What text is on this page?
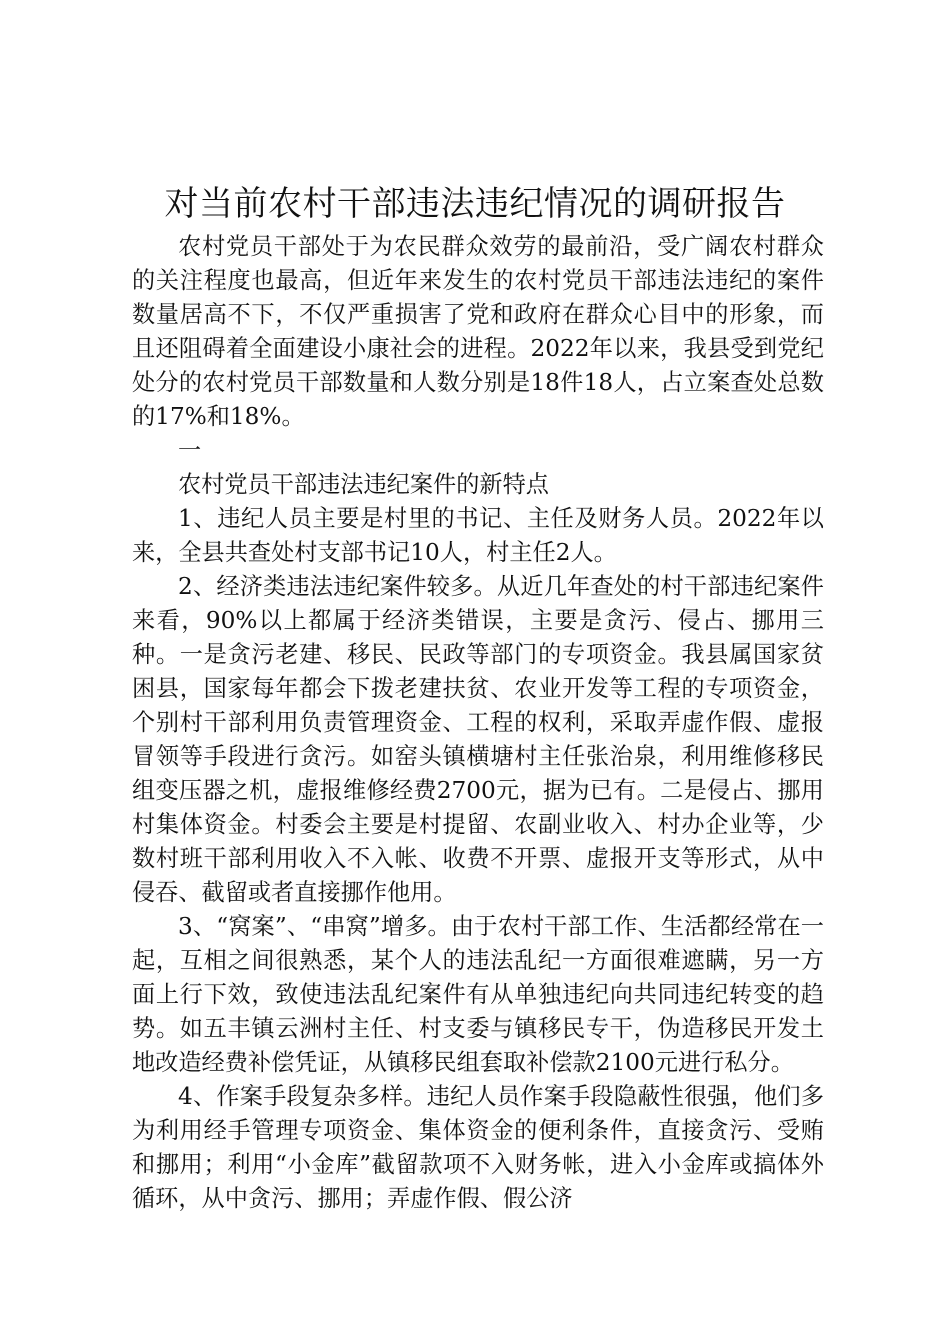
对当前农村干部违法违纪情况的调研报告

农村党员干部处于为农民群众效劳的最前沿，受广阔农村群众的关注程度也最高，但近年来发生的农村党员干部违法违纪的案件数量居高不下，不仅严重损害了党和政府在群众心目中的形象，而且还阻碍着全面建设小康社会的进程。2022年以来，我县受到党纪处分的农村党员干部数量和人数分别是18件18人，占立案查处总数的17%和18%。

一

农村党员干部违法违纪案件的新特点

1、违纪人员主要是村里的书记、主任及财务人员。2022年以来，全县共查处村支部书记10人，村主任2人。

2、经济类违法违纪案件较多。从近几年查处的村干部违纪案件来看，90%以上都属于经济类错误，主要是贪污、侵占、挪用三种。一是贪污老建、移民、民政等部门的专项资金。我县属国家贫困县，国家每年都会下拨老建扶贫、农业开发等工程的专项资金，个别村干部利用负责管理资金、工程的权利，采取弄虚作假、虚报冒领等手段进行贪污。如窑头镇横塘村主任张治泉，利用维修移民组变压器之机，虚报维修经费2700元，据为已有。二是侵占、挪用村集体资金。村委会主要是村提留、农副业收入、村办企业等，少数村班干部利用收入不入帐、收费不开票、虚报开支等形式，从中侵吞、截留或者直接挪作他用。

3、“窝案”、“串窝”增多。由于农村干部工作、生活都经常在一起，互相之间很熟悉，某个人的违法乱纪一方面很难遮瞒，另一方面上行下效，致使违法乱纪案件有从单独违纪向共同违纪转变的趋势。如五丰镇云洲村主任、村支委与镇移民专干，伪造移民开发土地改造经费补偿凭证，从镇移民组套取补偿款2100元进行私分。

4、作案手段复杂多样。违纪人员作案手段隐蔽性很强，他们多为利用经手管理专项资金、集体资金的便利条件，直接贪污、受贿和挪用；利用“小金库”截留款项不入财务帐，进入小金库或搞体外循环，从中贪污、挪用；弄虚作假、假公济
